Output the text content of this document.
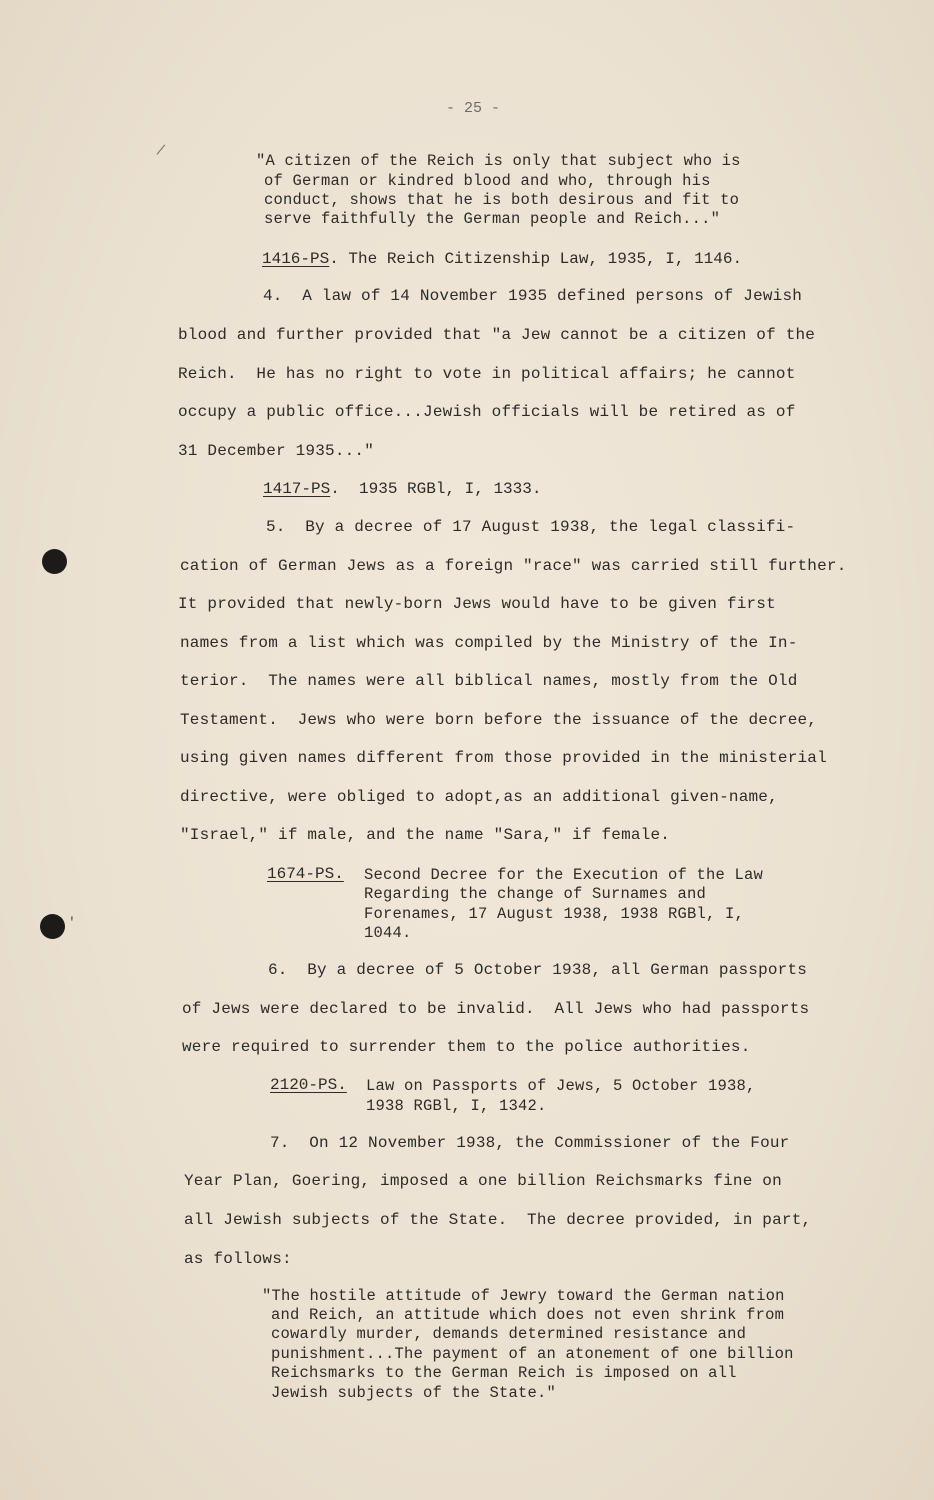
- 25 -
/
"A citizen of the Reich is only that subject who is
of German or kindred blood and who, through his
conduct, shows that he is both desirous and fit to
serve faithfully the German people and Reich..."
1416-PS. The Reich Citizenship Law, 1935, I, 1146.
4.  A law of 14 November 1935 defined persons of Jewish
blood and further provided that "a Jew cannot be a citizen of the
Reich.  He has no right to vote in political affairs; he cannot
occupy a public office...Jewish officials will be retired as of
31 December 1935..."
1417-PS.  1935 RGBl, I, 1333.
5.  By a decree of 17 August 1938, the legal classifi-
cation of German Jews as a foreign "race" was carried still further.
It provided that newly-born Jews would have to be given first
names from a list which was compiled by the Ministry of the In-
terior.  The names were all biblical names, mostly from the Old
Testament.  Jews who were born before the issuance of the decree,
using given names different from those provided in the ministerial
directive, were obliged to adopt,as an additional given-name,
"Israel," if male, and the name "Sara," if female.
1674-PS. Second Decree for the Execution of the Law
Regarding the change of Surnames and
Forenames, 17 August 1938, 1938 RGBl, I,
1044.
6.  By a decree of 5 October 1938, all German passports
of Jews were declared to be invalid.  All Jews who had passports
were required to surrender them to the police authorities.
2120-PS. Law on Passports of Jews, 5 October 1938,
1938 RGBl, I, 1342.
7.  On 12 November 1938, the Commissioner of the Four
Year Plan, Goering, imposed a one billion Reichsmarks fine on
all Jewish subjects of the State.  The decree provided, in part,
as follows:
"The hostile attitude of Jewry toward the German nation
and Reich, an attitude which does not even shrink from
cowardly murder, demands determined resistance and
punishment...The payment of an atonement of one billion
Reichsmarks to the German Reich is imposed on all
Jewish subjects of the State."
'
